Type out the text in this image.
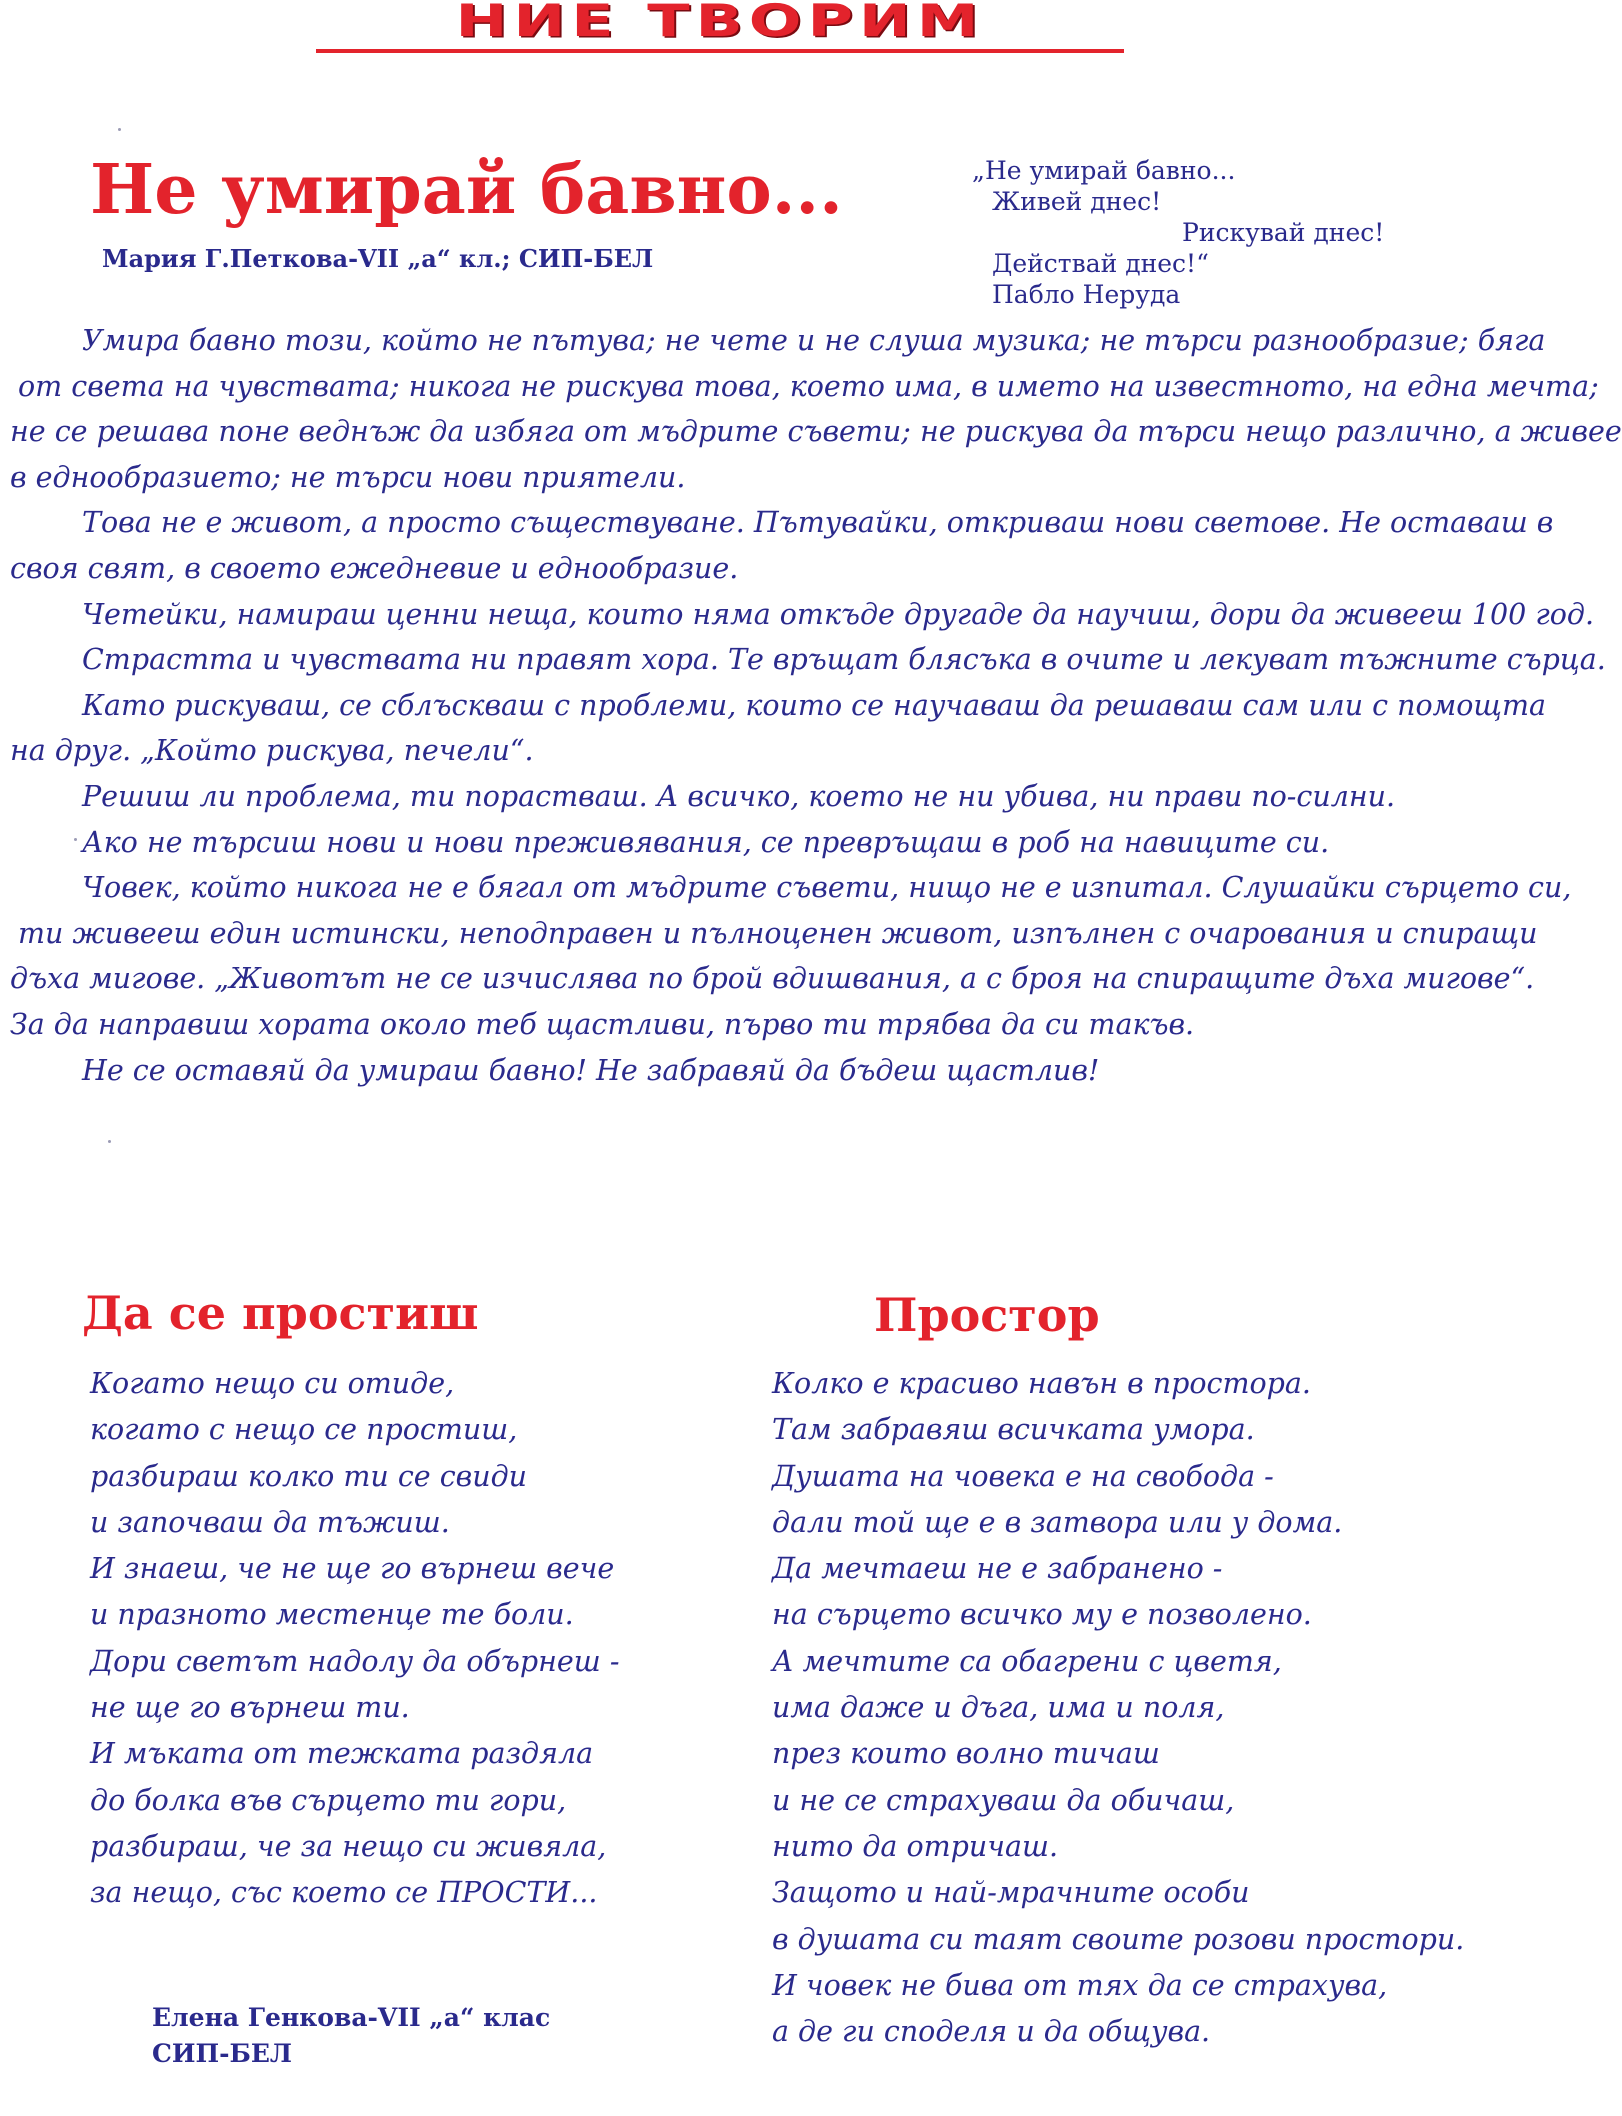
НИЕ ТВОРИМ
Не умирай бавно...
Мария Г.Петкова-VII „а“ кл.; СИП-БЕЛ
„Не умирай бавно...
Живей днес!
Рискувай днес!
Действай днес!“
Пабло Неруда
Умира бавно този, който не пътува; не чете и не слуша музика; не търси разнообразие; бяга
от света на чувствата; никога не рискува това, което има, в името на известното, на една мечта;
не се решава поне веднъж да избяга от мъдрите съвети; не рискува да търси нещо различно, а живее
в еднообразието; не търси нови приятели.
Това не е живот, а просто съществуване. Пътувайки, откриваш нови светове. Не оставаш в
своя свят, в своето ежедневие и еднообразие.
Четейки, намираш ценни неща, които няма откъде другаде да научиш, дори да живееш 100 год.
Страстта и чувствата ни правят хора. Те връщат блясъка в очите и лекуват тъжните сърца.
Като рискуваш, се сблъскваш с проблеми, които се научаваш да решаваш сам или с помощта
на друг. „Който рискува, печели“.
Решиш ли проблема, ти порастваш. А всичко, което не ни убива, ни прави по-силни.
Ако не търсиш нови и нови преживявания, се превръщаш в роб на навиците си.
Човек, който никога не е бягал от мъдрите съвети, нищо не е изпитал. Слушайки сърцето си,
ти живееш един истински, неподправен и пълноценен живот, изпълнен с очарования и спиращи
дъха мигове. „Животът не се изчислява по брой вдишвания, а с броя на спиращите дъха мигове“.
За да направиш хората около теб щастливи, първо ти трябва да си такъв.
Не се оставяй да умираш бавно! Не забравяй да бъдеш щастлив!
Да се простиш
Когато нещо си отиде,
когато с нещо се простиш,
разбираш колко ти се свиди
и започваш да тъжиш.
И знаеш, че не ще го върнеш вече
и празното местенце те боли.
Дори светът надолу да обърнеш -
не ще го върнеш ти.
И мъката от тежката раздяла
до болка във сърцето ти гори,
разбираш, че за нещо си живяла,
за нещо, със което се ПРОСТИ...
Елена Генкова-VII „а“ клас
СИП-БЕЛ
Простор
Колко е красиво навън в простора.
Там забравяш всичката умора.
Душата на човека е на свобода -
дали той ще е в затвора или у дома.
Да мечтаеш не е забранено -
на сърцето всичко му е позволено.
А мечтите са обагрени с цветя,
има даже и дъга, има и поля,
през които волно тичаш
и не се страхуваш да обичаш,
нито да отричаш.
Защото и най-мрачните особи
в душата си таят своите розови простори.
И човек не бива от тях да се страхува,
а де ги споделя и да общува.
